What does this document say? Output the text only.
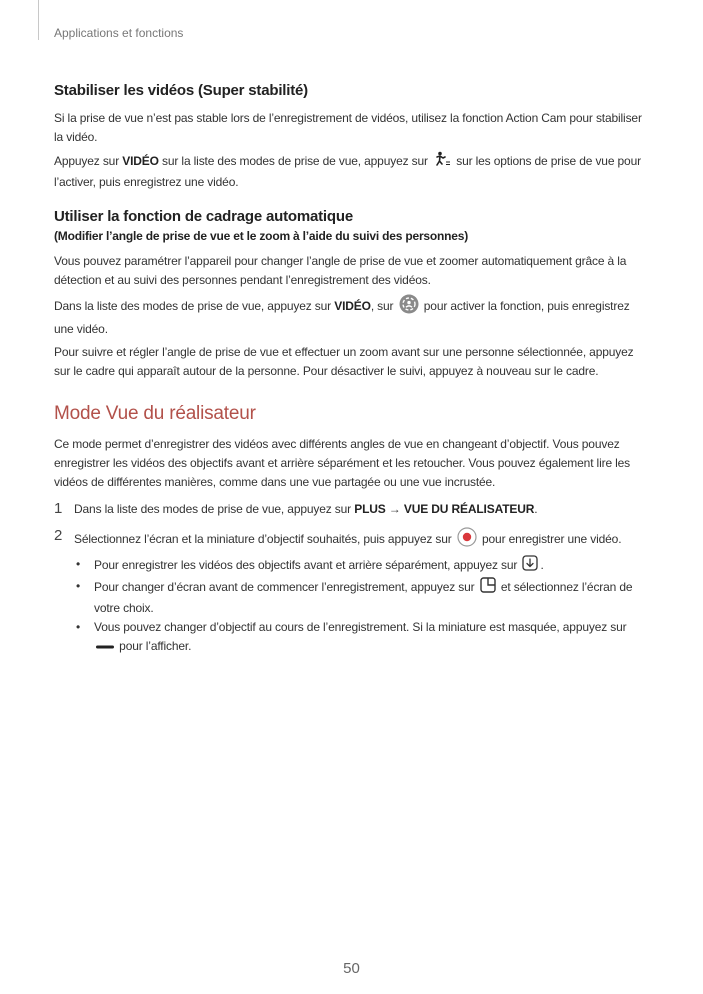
Applications et fonctions
Stabiliser les vidéos (Super stabilité)

Si la prise de vue n’est pas stable lors de l’enregistrement de vidéos, utilisez la fonction Action Cam pour stabiliser la vidéo.

Appuyez sur VIDÉO sur la liste des modes de prise de vue, appuyez sur  sur les options de prise de vue pour l’activer, puis enregistrez une vidéo.

Utiliser la fonction de cadrage automatique
(Modifier l’angle de prise de vue et le zoom à l’aide du suivi des personnes)

Vous pouvez paramétrer l’appareil pour changer l’angle de prise de vue et zoomer automatiquement grâce à la détection et au suivi des personnes pendant l’enregistrement des vidéos.

Dans la liste des modes de prise de vue, appuyez sur VIDÉO, sur  pour activer la fonction, puis enregistrez une vidéo.

Pour suivre et régler l’angle de prise de vue et effectuer un zoom avant sur une personne sélectionnée, appuyez sur le cadre qui apparaît autour de la personne. Pour désactiver le suivi, appuyez à nouveau sur le cadre.

Mode Vue du réalisateur

Ce mode permet d’enregistrer des vidéos avec différents angles de vue en changeant d’objectif. Vous pouvez enregistrer les vidéos des objectifs avant et arrière séparément et les retoucher. Vous pouvez également lire les vidéos de différentes manières, comme dans une vue partagée ou une vue incrustée.

1 Dans la liste des modes de prise de vue, appuyez sur PLUS → VUE DU RÉALISATEUR.
2 Sélectionnez l’écran et la miniature d’objectif souhaités, puis appuyez sur  pour enregistrer une vidéo.
• Pour enregistrer les vidéos des objectifs avant et arrière séparément, appuyez sur .
• Pour changer d’écran avant de commencer l’enregistrement, appuyez sur  et sélectionnez l’écran de votre choix.
• Vous pouvez changer d’objectif au cours de l’enregistrement. Si la miniature est masquée, appuyez sur  pour l’afficher.
50
